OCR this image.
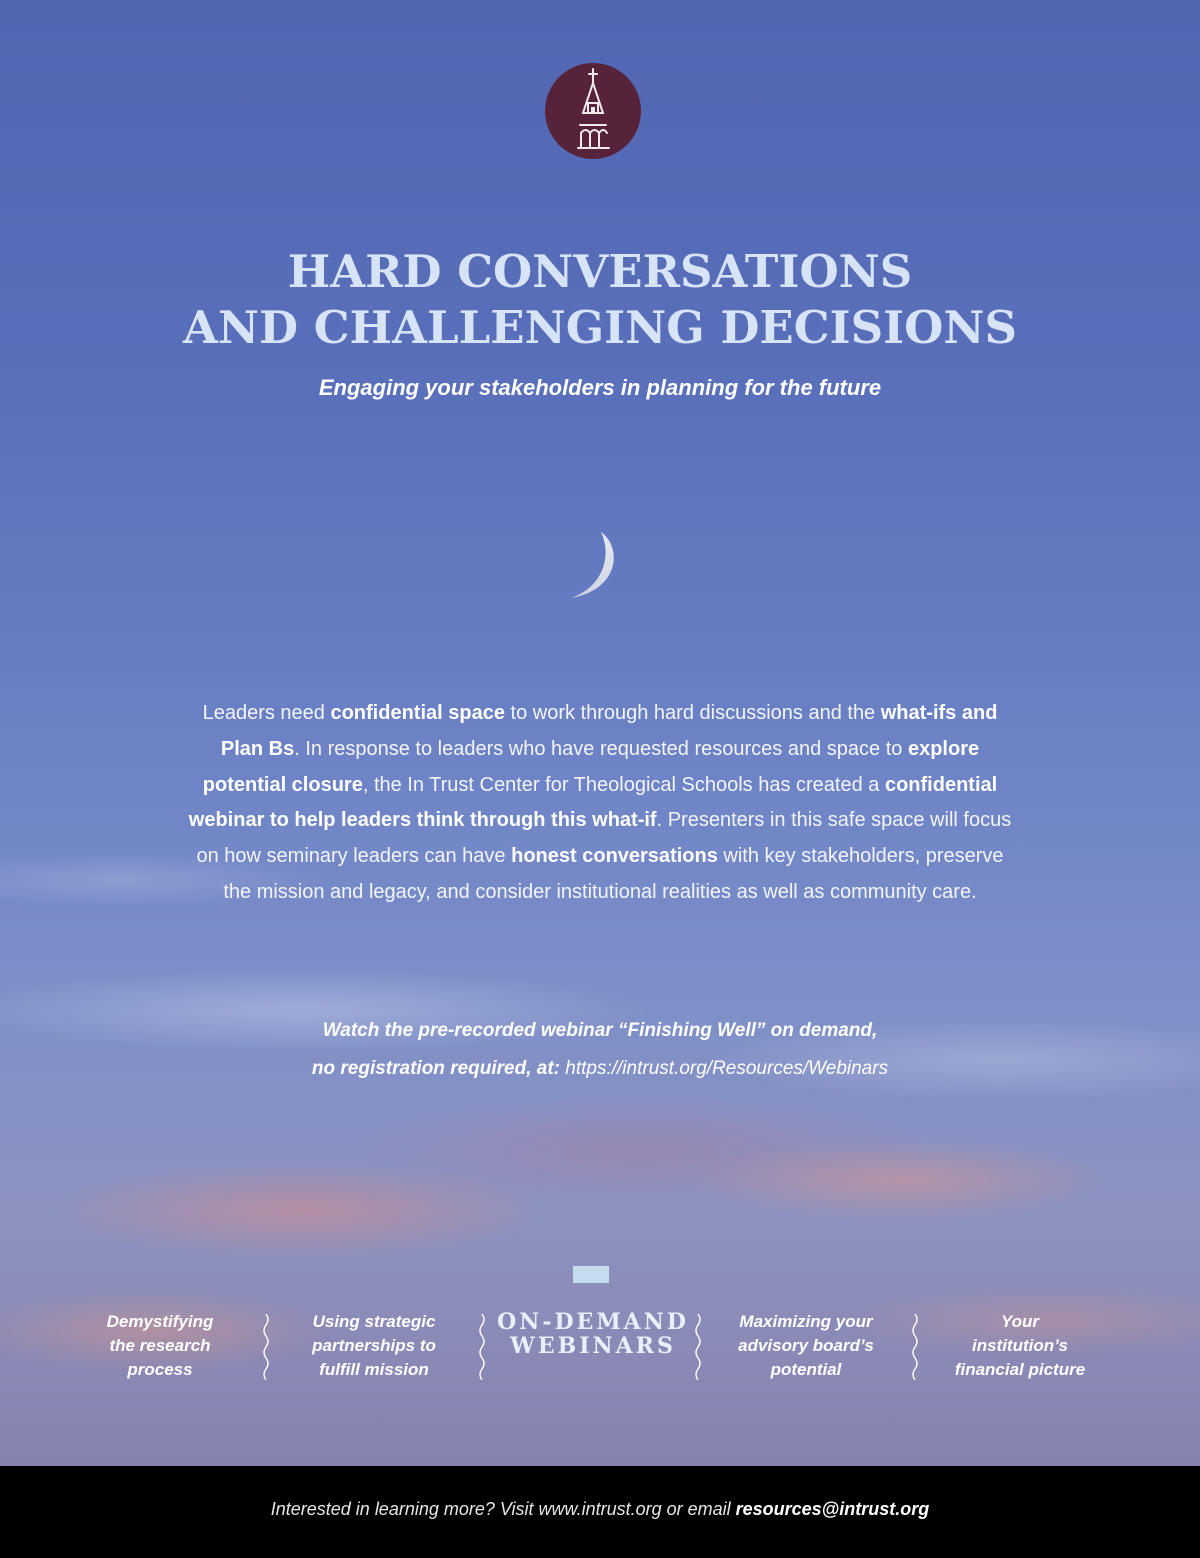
HARD CONVERSATIONS
AND CHALLENGING DECISIONS

Engaging your stakeholders in planning for the future

Leaders need confidential space to work through hard discussions and the what-ifs and Plan Bs. In response to leaders who have requested resources and space to explore potential closure, the In Trust Center for Theological Schools has created a confidential webinar to help leaders think through this what-if. Presenters in this safe space will focus on how seminary leaders can have honest conversations with key stakeholders, preserve the mission and legacy, and consider institutional realities as well as community care.

Watch the pre-recorded webinar “Finishing Well” on demand,
no registration required, at: https://intrust.org/Resources/Webinars

Demystifying
the research
process
Using strategic
partnerships to
fulfill mission
ON-DEMAND
WEBINARS
Maximizing your
advisory board’s
potential
Your
institution’s
financial picture

Interested in learning more? Visit www.intrust.org or email resources@intrust.org
